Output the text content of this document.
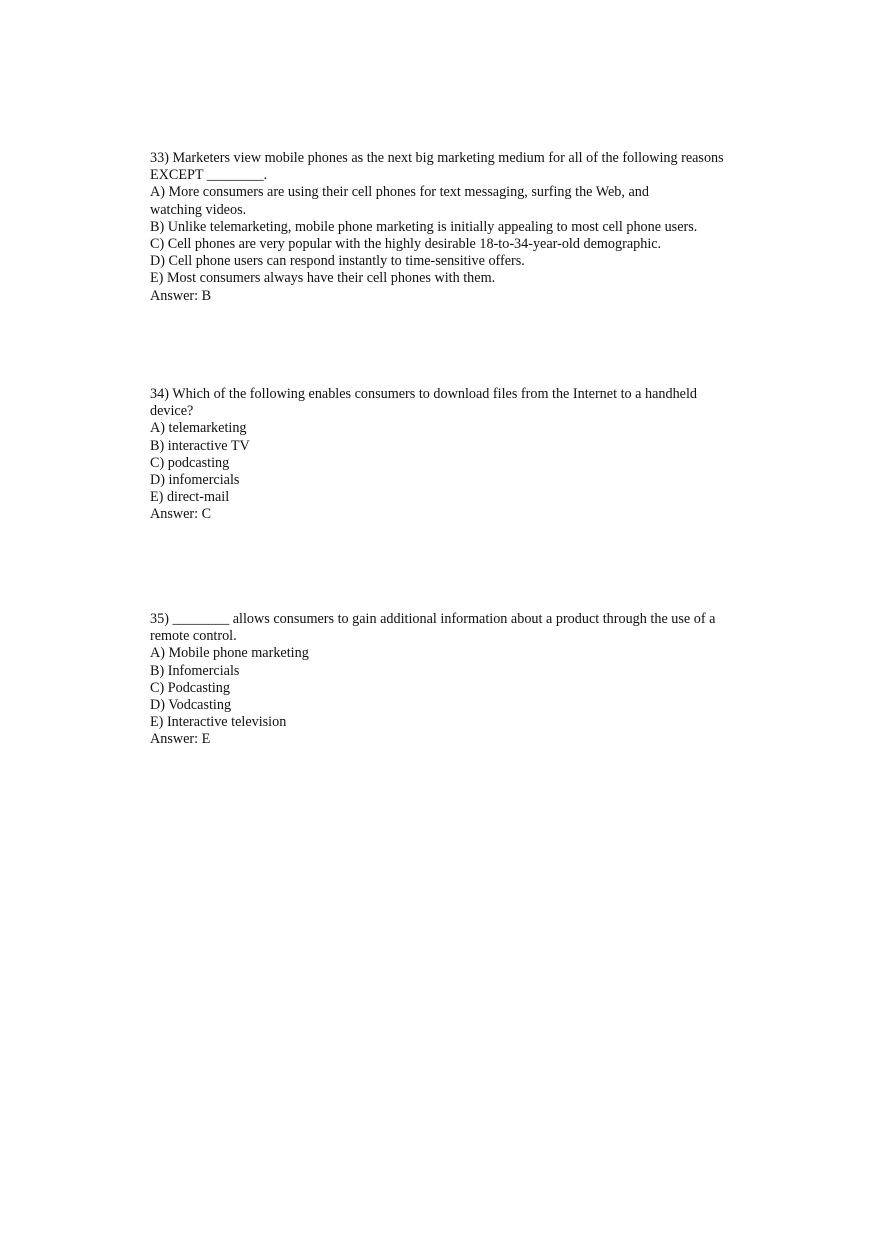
33) Marketers view mobile phones as the next big marketing medium for all of the following reasons EXCEPT ________.
A) More consumers are using their cell phones for text messaging, surfing the Web, and
watching videos.
B) Unlike telemarketing, mobile phone marketing is initially appealing to most cell phone users.
C) Cell phones are very popular with the highly desirable 18-to-34-year-old demographic.
D) Cell phone users can respond instantly to time-sensitive offers.
E) Most consumers always have their cell phones with them.
Answer: B
34) Which of the following enables consumers to download files from the Internet to a handheld device?
A) telemarketing
B) interactive TV
C) podcasting
D) infomercials
E) direct-mail
Answer: C
35) ________ allows consumers to gain additional information about a product through the use of a remote control.
A) Mobile phone marketing
B) Infomercials
C) Podcasting
D) Vodcasting
E) Interactive television
Answer: E
